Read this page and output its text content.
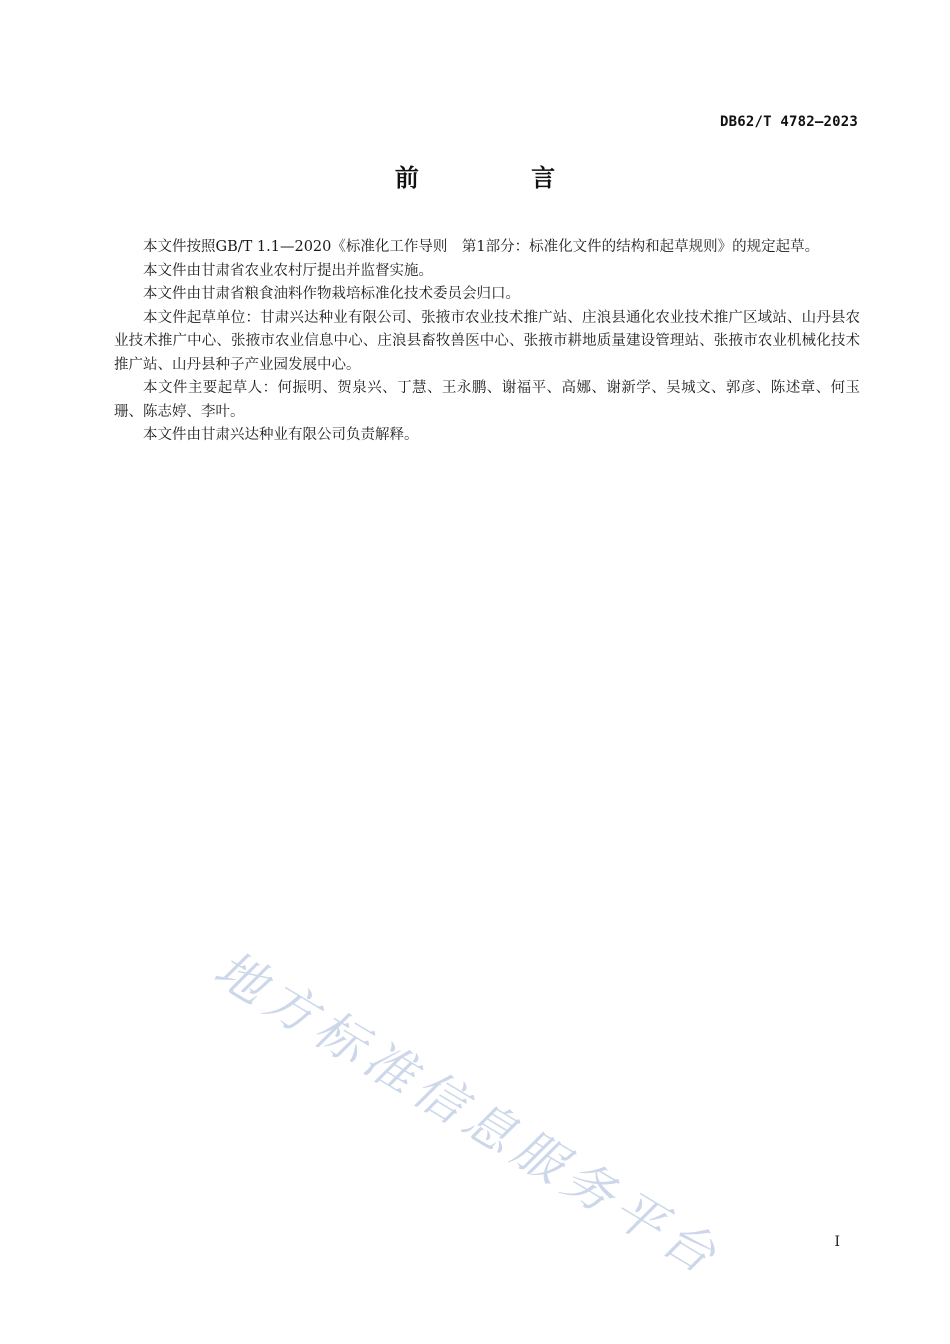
DB62/T 4782—2023
前 言

本文件按照GB/T 1.1—2020《标准化工作导则　第1部分：标准化文件的结构和起草规则》的规定起草。

本文件由甘肃省农业农村厅提出并监督实施。

本文件由甘肃省粮食油料作物栽培标准化技术委员会归口。

本文件起草单位：甘肃兴达种业有限公司、张掖市农业技术推广站、庄浪县通化农业技术推广区域站、山丹县农业技术推广中心、张掖市农业信息中心、庄浪县畜牧兽医中心、张掖市耕地质量建设管理站、张掖市农业机械化技术推广站、山丹县种子产业园发展中心。

本文件主要起草人：何振明、贺泉兴、丁慧、王永鹏、谢福平、高娜、谢新学、吴城文、郭彦、陈述章、何玉珊、陈志婷、李叶。

本文件由甘肃兴达种业有限公司负责解释。

地方标准信息服务平台	I
